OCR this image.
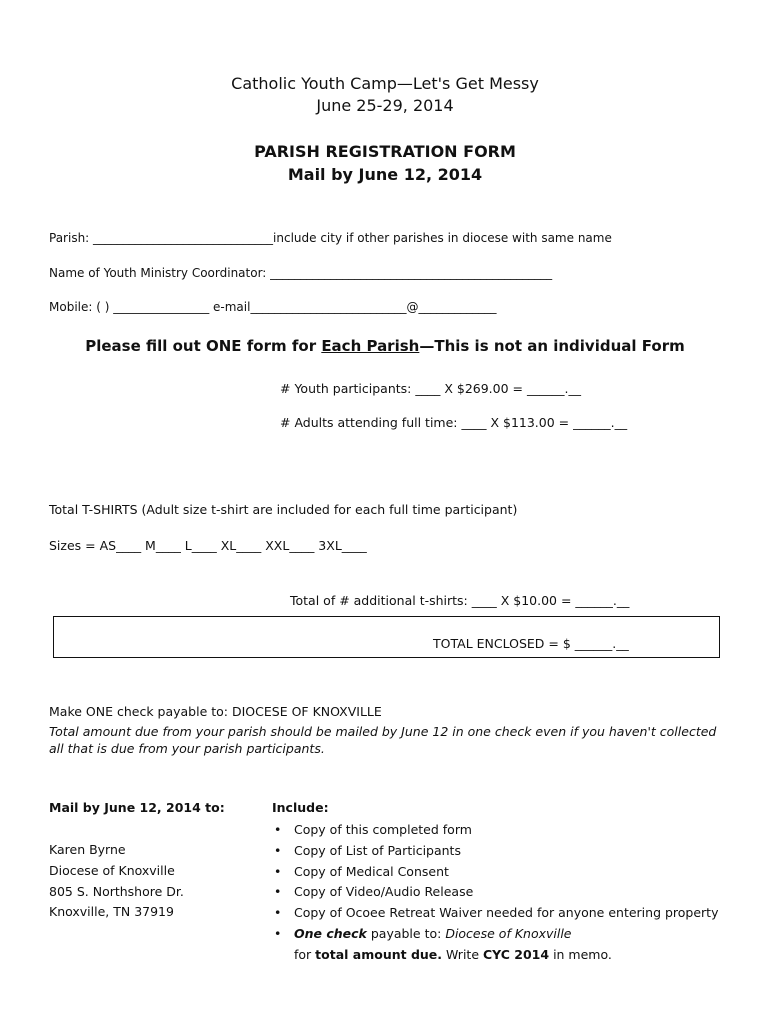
Catholic Youth Camp—Let's Get Messy
June 25-29, 2014
PARISH REGISTRATION FORM
Mail by June 12, 2014
Parish: ______________________________include city if other parishes in diocese with same name
Name of Youth Ministry Coordinator: _______________________________________________
Mobile: ( ) ________________ e-mail__________________________@_____________
Please fill out ONE form for Each Parish—This is not an individual Form
# Youth participants: ____ X $269.00 = ______.__
# Adults attending full time: ____ X $113.00 = ______.__
Total T-SHIRTS (Adult size t-shirt are included for each full time participant)
Sizes = AS____ M____ L____ XL____ XXL____ 3XL____
Total of # additional t-shirts: ____ X $10.00 = ______.__
TOTAL ENCLOSED = $ ______.__
Make ONE check payable to: DIOCESE OF KNOXVILLE
Total amount due from your parish should be mailed by June 12 in one check even if you haven't collected
all that is due from your parish participants.
Mail by June 12, 2014 to:
Karen Byrne
Diocese of Knoxville
805 S. Northshore Dr.
Knoxville, TN 37919
Include:
• Copy of this completed form
• Copy of List of Participants
• Copy of Medical Consent
• Copy of Video/Audio Release
• Copy of Ocoee Retreat Waiver needed for anyone entering property
• One check payable to: Diocese of Knoxville
for total amount due. Write CYC 2014 in memo.
